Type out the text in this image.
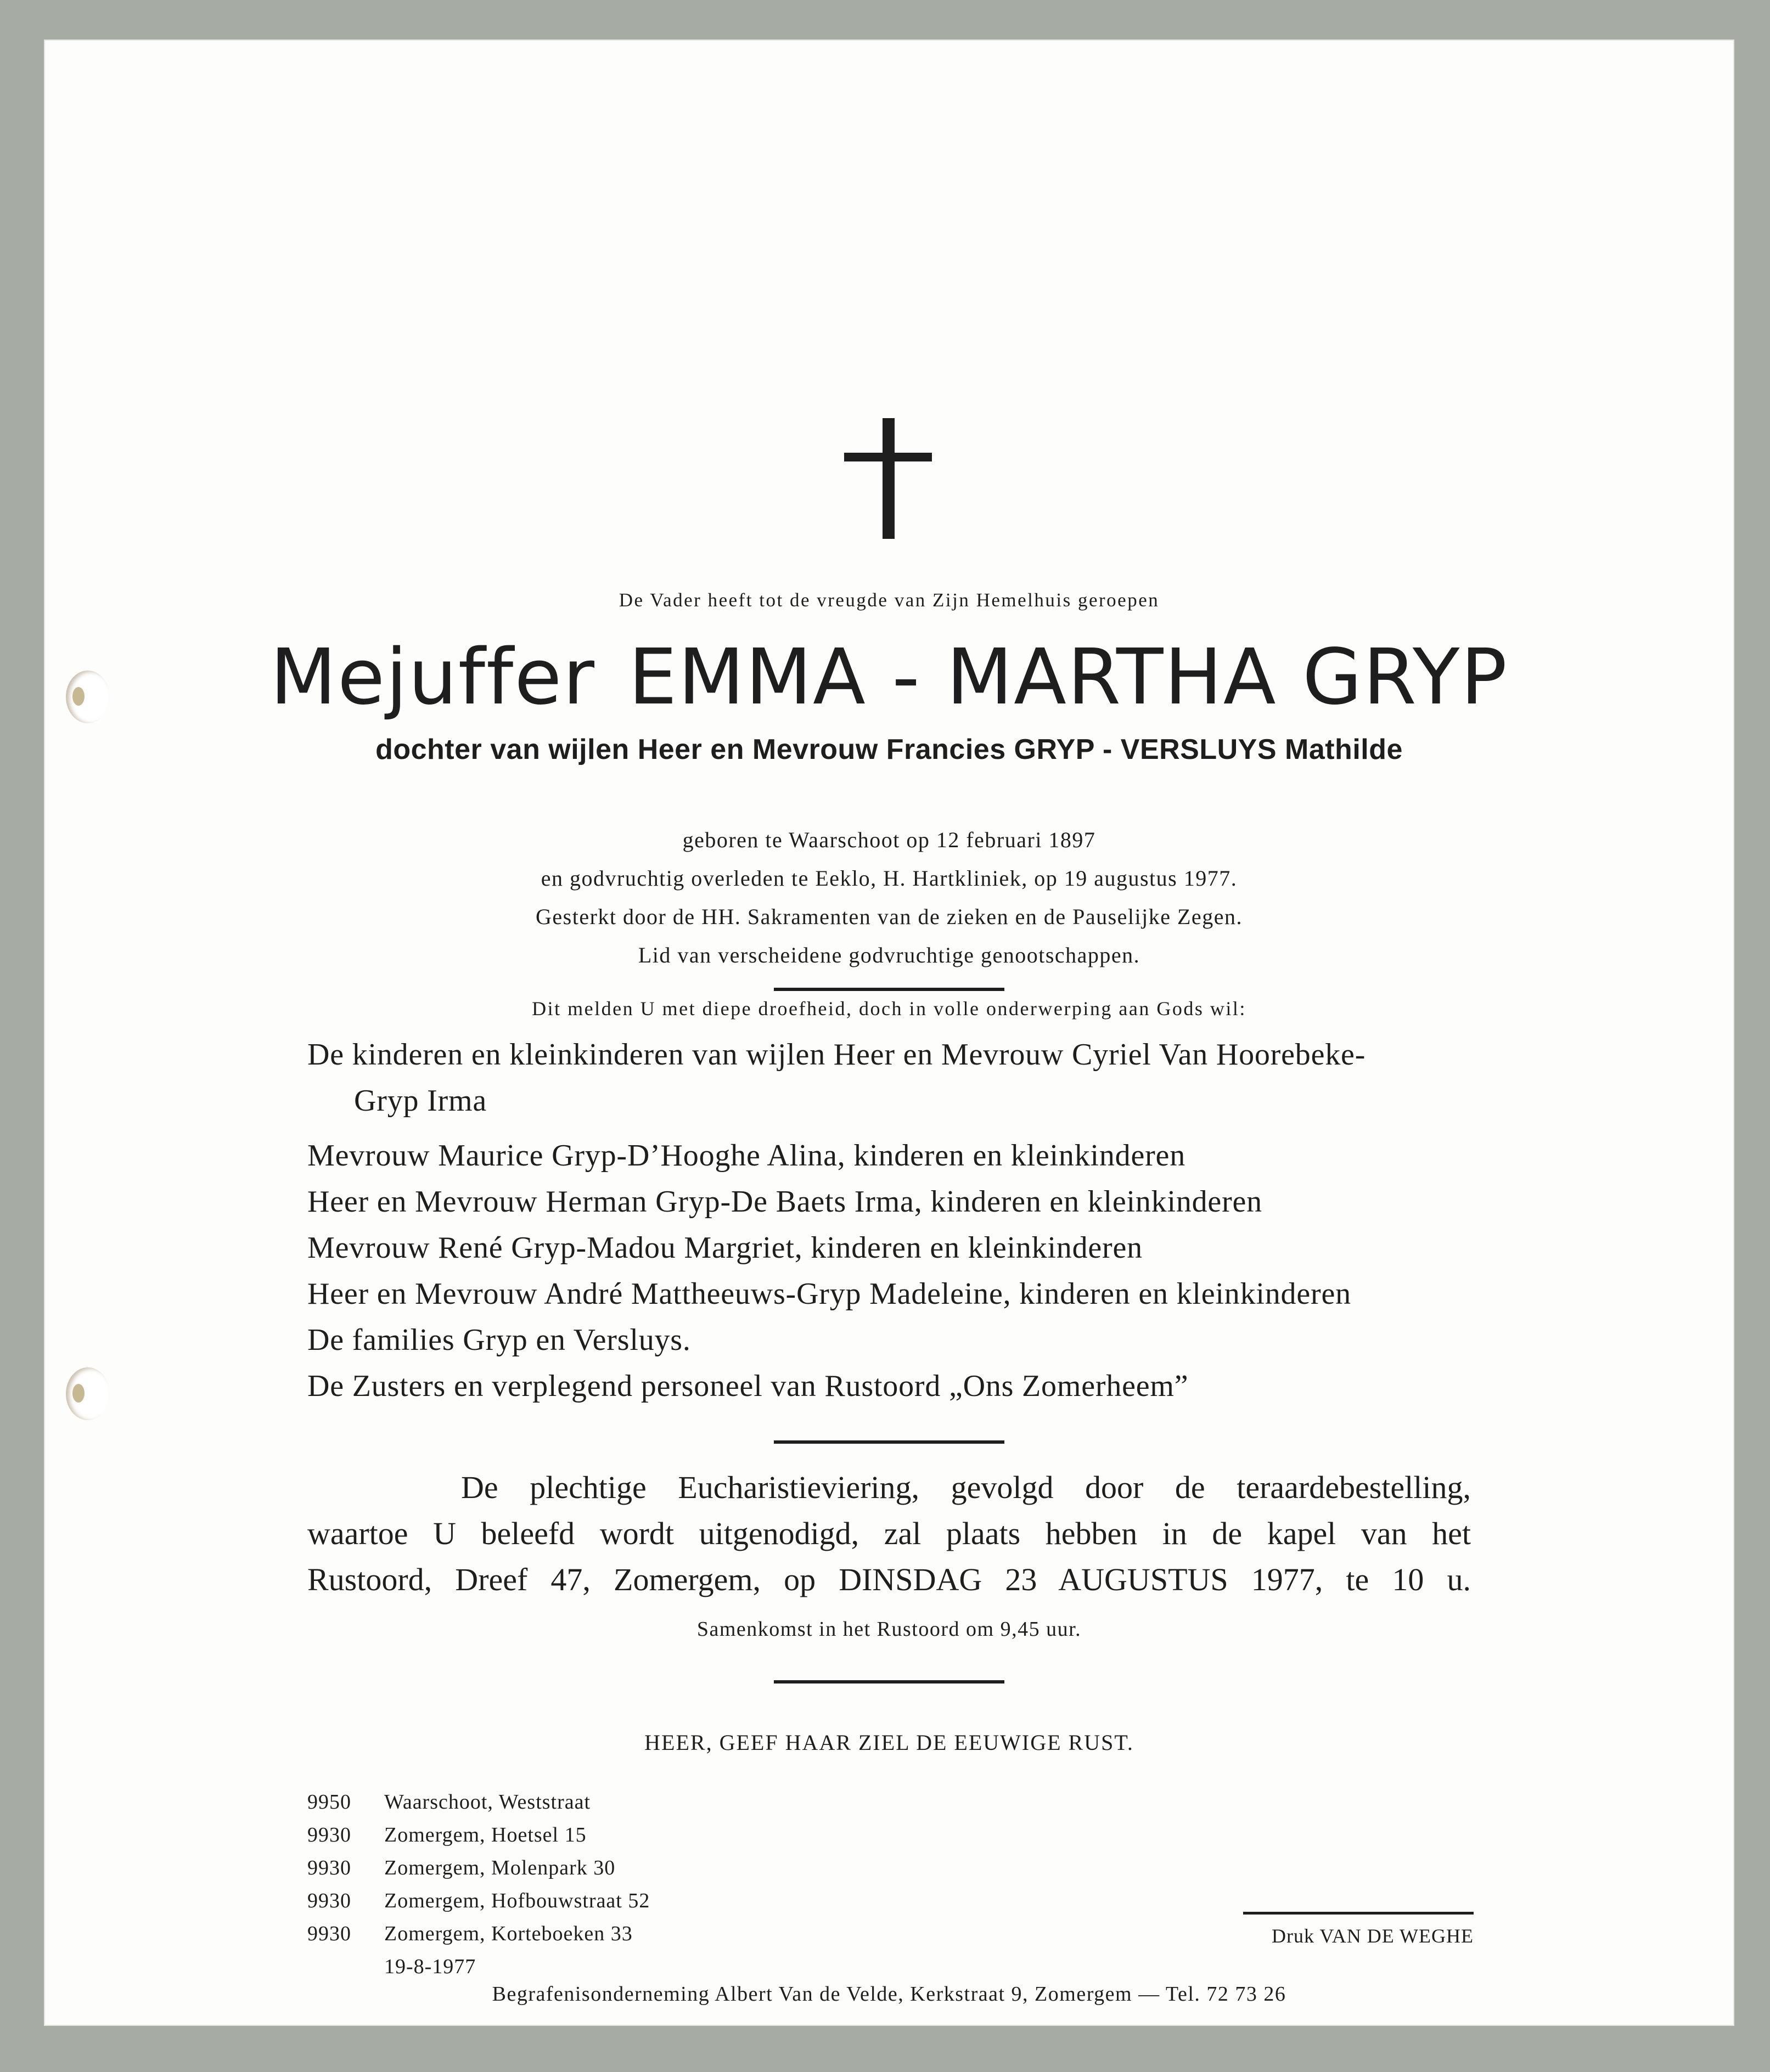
De Vader heeft tot de vreugde van Zijn Hemelhuis geroepen
Mejuffer EMMA - MARTHA GRYP
dochter van wijlen Heer en Mevrouw Francies GRYP - VERSLUYS Mathilde
geboren te Waarschoot op 12 februari 1897
en godvruchtig overleden te Eeklo, H. Hartkliniek, op 19 augustus 1977.
Gesterkt door de HH. Sakramenten van de zieken en de Pauselijke Zegen.
Lid van verscheidene godvruchtige genootschappen.
Dit melden U met diepe droefheid, doch in volle onderwerping aan Gods wil:
De kinderen en kleinkinderen van wijlen Heer en Mevrouw Cyriel Van Hoorebeke-
Gryp Irma
Mevrouw Maurice Gryp-D’Hooghe Alina, kinderen en kleinkinderen
Heer en Mevrouw Herman Gryp-De Baets Irma, kinderen en kleinkinderen
Mevrouw René Gryp-Madou Margriet, kinderen en kleinkinderen
Heer en Mevrouw André Mattheeuws-Gryp Madeleine, kinderen en kleinkinderen
De families Gryp en Versluys.
De Zusters en verplegend personeel van Rustoord „Ons Zomerheem”
De plechtige Eucharistieviering, gevolgd door de teraardebestelling,
waartoe U beleefd wordt uitgenodigd, zal plaats hebben in de kapel van het
Rustoord, Dreef 47, Zomergem, op DINSDAG 23 AUGUSTUS 1977, te 10 u.
Samenkomst in het Rustoord om 9,45 uur.
HEER, GEEF HAAR ZIEL DE EEUWIGE RUST.
9950 Waarschoot, Weststraat
9930 Zomergem, Hoetsel 15
9930 Zomergem, Molenpark 30
9930 Zomergem, Hofbouwstraat 52
9930 Zomergem, Korteboeken 33
19-8-1977
Druk VAN DE WEGHE
Begrafenisonderneming Albert Van de Velde, Kerkstraat 9, Zomergem — Tel. 72 73 26
